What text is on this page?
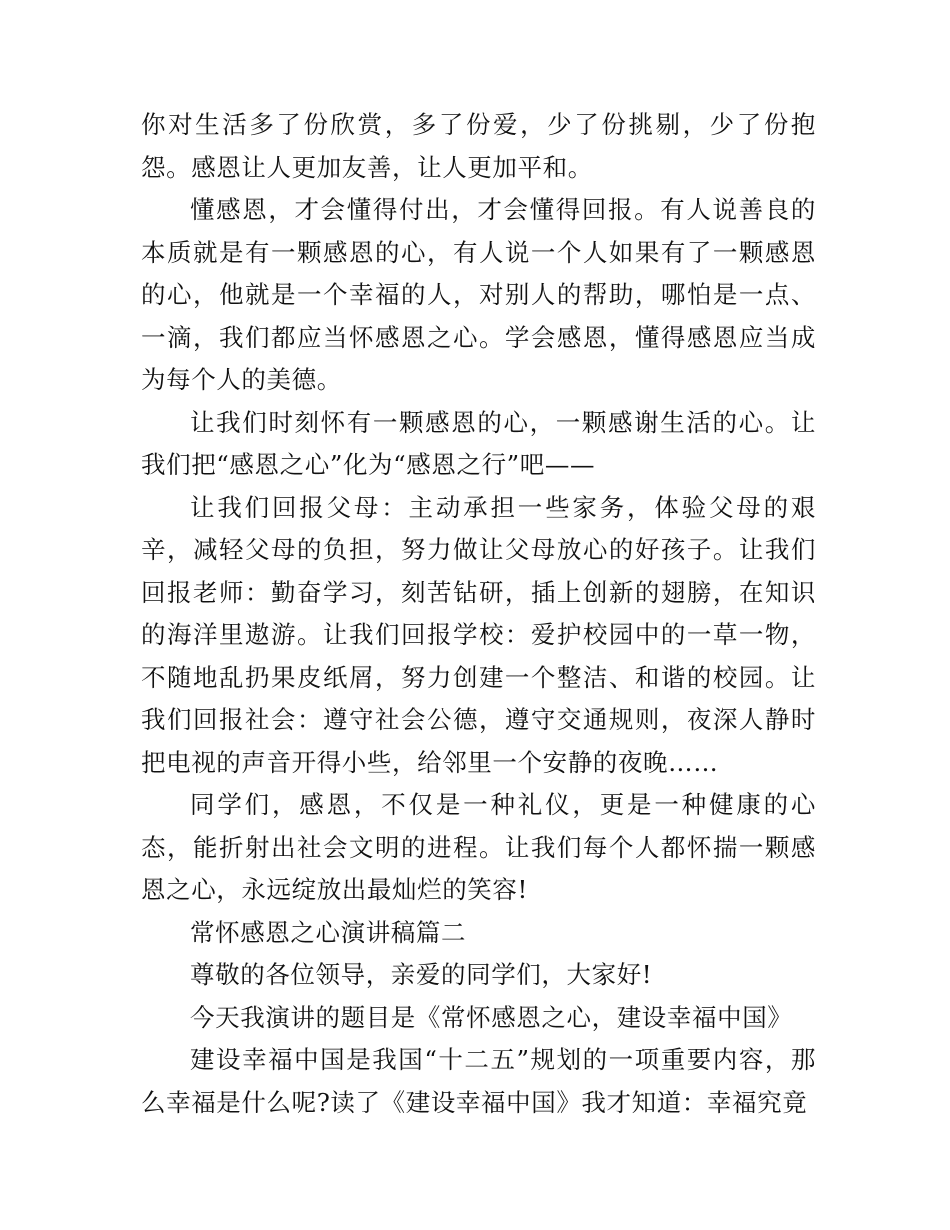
你对生活多了份欣赏，多了份爱，少了份挑剔，少了份抱怨。感恩让人更加友善，让人更加平和。

懂感恩，才会懂得付出，才会懂得回报。有人说善良的本质就是有一颗感恩的心，有人说一个人如果有了一颗感恩的心，他就是一个幸福的人，对别人的帮助，哪怕是一点、一滴，我们都应当怀感恩之心。学会感恩，懂得感恩应当成为每个人的美德。

让我们时刻怀有一颗感恩的心，一颗感谢生活的心。让我们把“感恩之心”化为“感恩之行”吧——

让我们回报父母：主动承担一些家务，体验父母的艰辛，减轻父母的负担，努力做让父母放心的好孩子。让我们回报老师：勤奋学习，刻苦钻研，插上创新的翅膀，在知识的海洋里遨游。让我们回报学校：爱护校园中的一草一物，不随地乱扔果皮纸屑，努力创建一个整洁、和谐的校园。让我们回报社会：遵守社会公德，遵守交通规则，夜深人静时把电视的声音开得小些，给邻里一个安静的夜晚……

同学们，感恩，不仅是一种礼仪，更是一种健康的心态，能折射出社会文明的进程。让我们每个人都怀揣一颗感恩之心，永远绽放出最灿烂的笑容!

常怀感恩之心演讲稿篇二

尊敬的各位领导，亲爱的同学们，大家好!

今天我演讲的题目是《常怀感恩之心，建设幸福中国》

建设幸福中国是我国“十二五”规划的一项重要内容，那么幸福是什么呢?读了《建设幸福中国》我才知道：幸福究竟
